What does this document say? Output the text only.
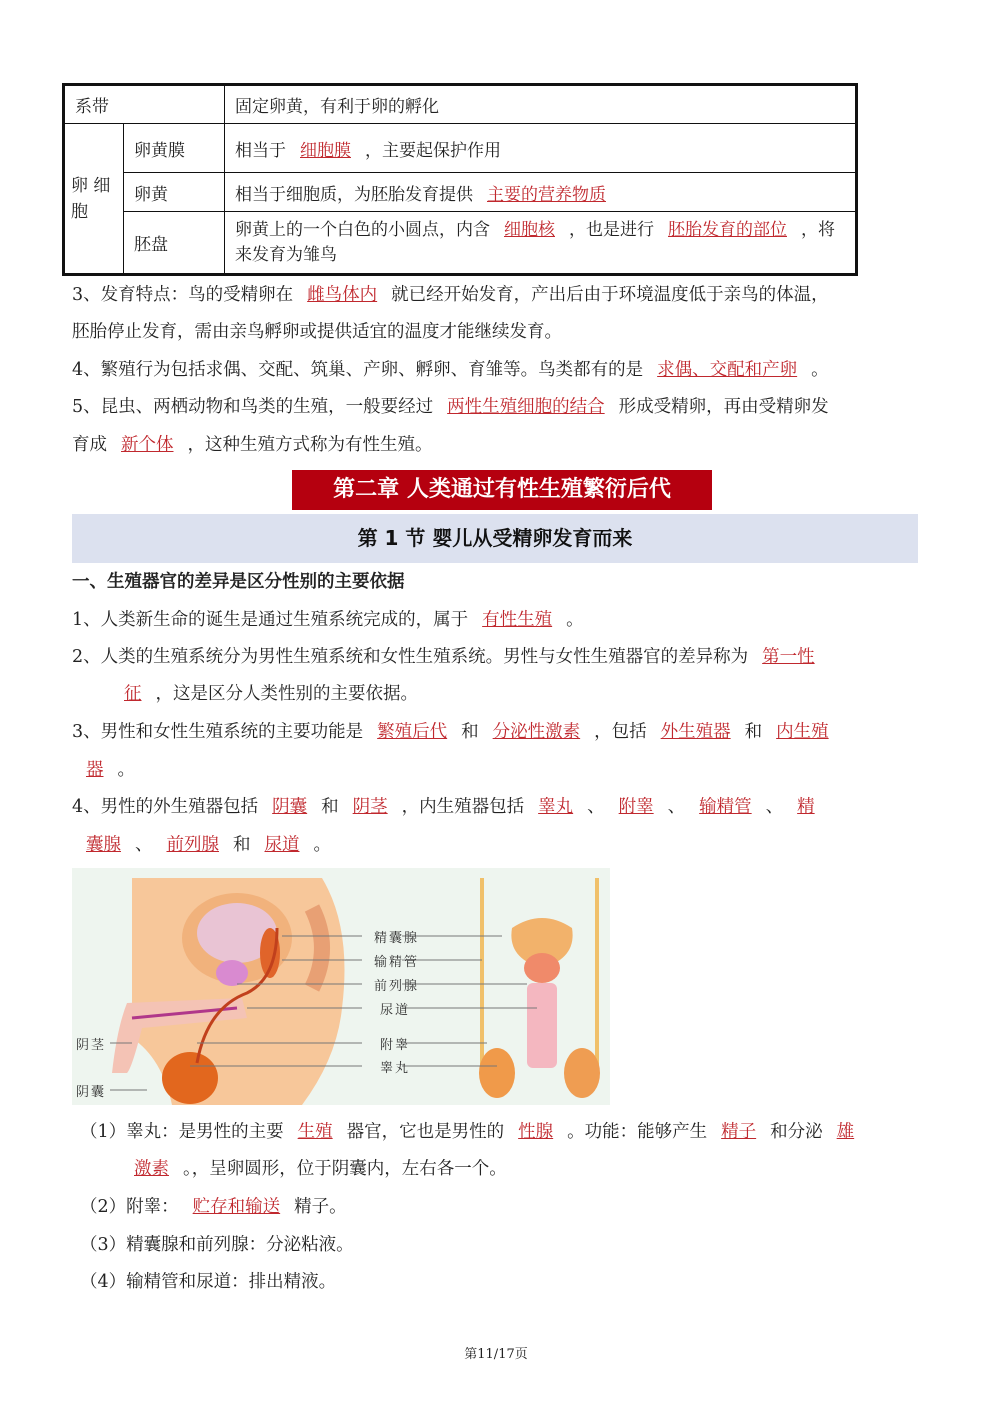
系带		固定卵黄，有利于卵的孵化
卵 细 胞	卵黄膜	相当于 细胞膜 ，主要起保护作用
	卵黄	相当于细胞质，为胚胎发育提供 主要的营养物质
	胚盘	卵黄上的一个白色的小圆点，内含 细胞核 ，也是进行 胚胎发育的部位 ，将来发育为雏鸟
3、发育特点：鸟的受精卵在 雌鸟体内 就已经开始发育，产出后由于环境温度低于亲鸟的体温，
胚胎停止发育，需由亲鸟孵卵或提供适宜的温度才能继续发育。
4、繁殖行为包括求偶、交配、筑巢、产卵、孵卵、育雏等。鸟类都有的是 求偶、交配和产卵 。
5、昆虫、两栖动物和鸟类的生殖，一般要经过 两性生殖细胞的结合 形成受精卵，再由受精卵发
育成 新个体 ，这种生殖方式称为有性生殖。
第二章 人类通过有性生殖繁衍后代
第 1 节 婴儿从受精卵发育而来
一、生殖器官的差异是区分性别的主要依据
1、人类新生命的诞生是通过生殖系统完成的，属于 有性生殖 。
2、人类的生殖系统分为男性生殖系统和女性生殖系统。男性与女性生殖器官的差异称为 第一性
征 ，这是区分人类性别的主要依据。
3、男性和女性生殖系统的主要功能是 繁殖后代 和 分泌性激素 ，包括 外生殖器 和 内生殖
器 。
4、男性的外生殖器包括 阴囊 和 阴茎 ，内生殖器包括 睾丸 、 附睾 、 输精管 、 精
囊腺 、 前列腺 和 尿道 。
阴茎
阴囊
精囊腺
输精管
前列腺
尿道
附睾
睾丸
（1）睾丸：是男性的主要 生殖 器官，它也是男性的 性腺 。功能：能够产生 精子 和分泌 雄
激素 。，呈卵圆形，位于阴囊内，左右各一个。
（2）附睾： 贮存和输送 精子。
（3）精囊腺和前列腺：分泌粘液。
（4）输精管和尿道：排出精液。
第11/17页
